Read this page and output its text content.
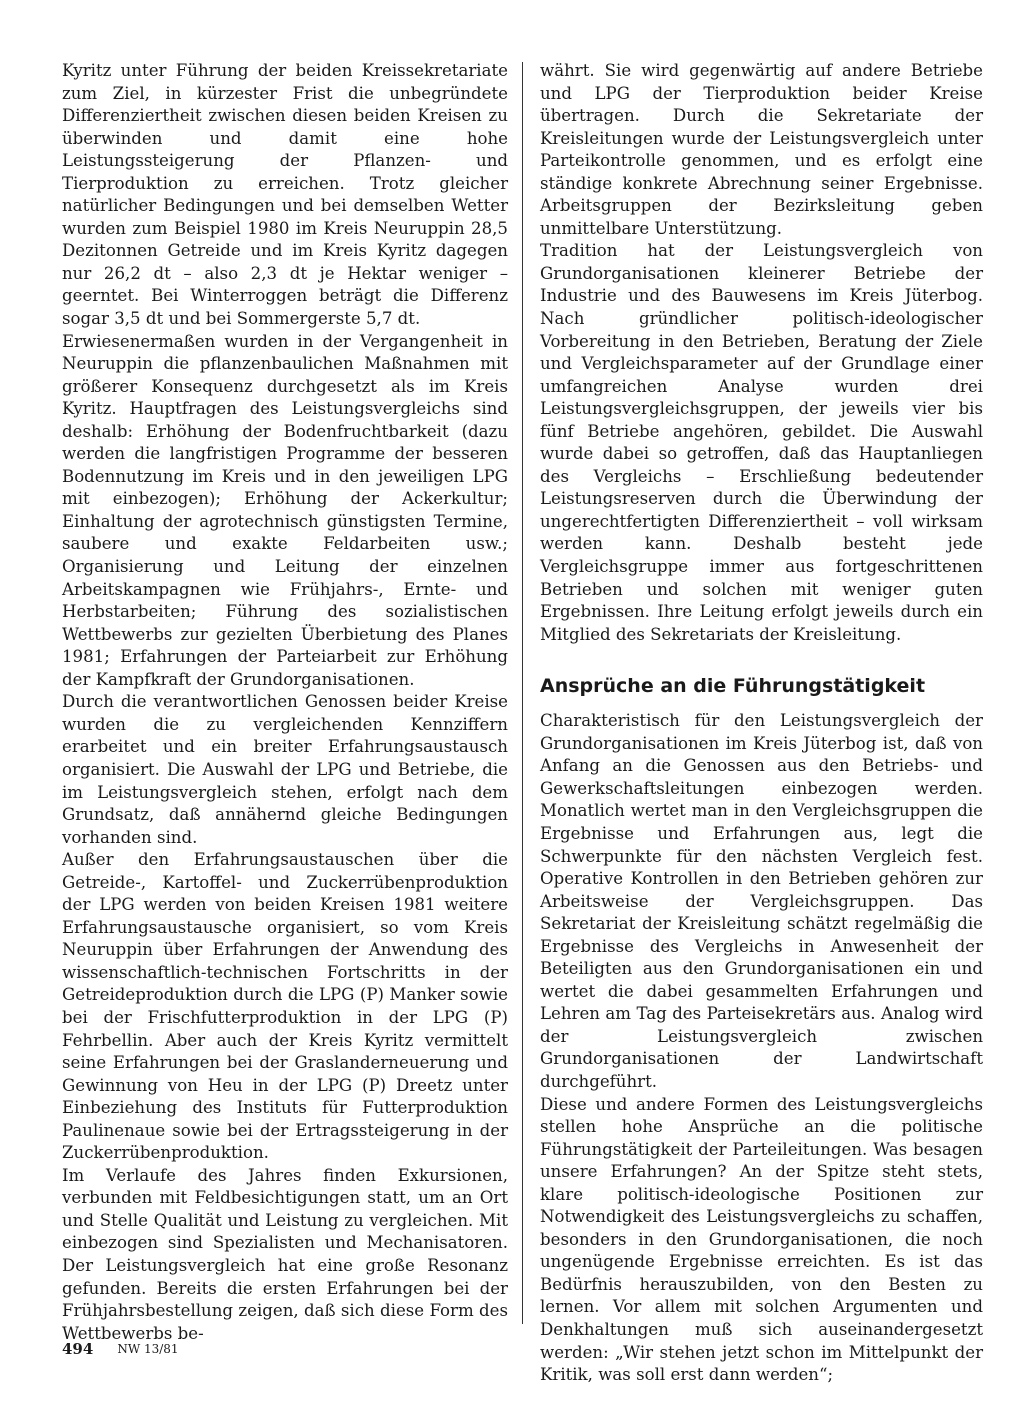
Kyritz unter Führung der beiden Kreissekretariate zum Ziel, in kürzester Frist die unbegründete Differenziertheit zwischen diesen beiden Kreisen zu überwinden und damit eine hohe Leistungssteigerung der Pflanzen- und Tierproduktion zu erreichen. Trotz gleicher natürlicher Bedingungen und bei demselben Wetter wurden zum Beispiel 1980 im Kreis Neuruppin 28,5 Dezitonnen Getreide und im Kreis Kyritz dagegen nur 26,2 dt – also 2,3 dt je Hektar weniger – geerntet. Bei Winterroggen beträgt die Differenz sogar 3,5 dt und bei Sommergerste 5,7 dt.

Erwiesenermaßen wurden in der Vergangenheit in Neuruppin die pflanzenbaulichen Maßnahmen mit größerer Konsequenz durchgesetzt als im Kreis Kyritz. Hauptfragen des Leistungsvergleichs sind deshalb: Erhöhung der Bodenfruchtbarkeit (dazu werden die langfristigen Programme der besseren Bodennutzung im Kreis und in den jeweiligen LPG mit einbezogen); Erhöhung der Ackerkultur; Einhaltung der agrotechnisch günstigsten Termine, saubere und exakte Feldarbeiten usw.; Organisierung und Leitung der einzelnen Arbeitskampagnen wie Frühjahrs-, Ernte- und Herbstarbeiten; Führung des sozialistischen Wettbewerbs zur gezielten Überbietung des Planes 1981; Erfahrungen der Parteiarbeit zur Erhöhung der Kampfkraft der Grundorganisationen.

Durch die verantwortlichen Genossen beider Kreise wurden die zu vergleichenden Kennziffern erarbeitet und ein breiter Erfahrungsaustausch organisiert. Die Auswahl der LPG und Betriebe, die im Leistungsvergleich stehen, erfolgt nach dem Grundsatz, daß annähernd gleiche Bedingungen vorhanden sind.

Außer den Erfahrungsaustauschen über die Getreide-, Kartoffel- und Zuckerrübenproduktion der LPG werden von beiden Kreisen 1981 weitere Erfahrungsaustausche organisiert, so vom Kreis Neuruppin über Erfahrungen der Anwendung des wissenschaftlich-technischen Fortschritts in der Getreideproduktion durch die LPG (P) Manker sowie bei der Frischfutterproduktion in der LPG (P) Fehrbellin. Aber auch der Kreis Kyritz vermittelt seine Erfahrungen bei der Graslanderneuerung und Gewinnung von Heu in der LPG (P) Dreetz unter Einbeziehung des Instituts für Futterproduktion Paulinenaue sowie bei der Ertragssteigerung in der Zuckerrübenproduktion.

Im Verlaufe des Jahres finden Exkursionen, verbunden mit Feldbesichtigungen statt, um an Ort und Stelle Qualität und Leistung zu vergleichen. Mit einbezogen sind Spezialisten und Mechanisatoren. Der Leistungsvergleich hat eine große Resonanz gefunden. Bereits die ersten Erfahrungen bei der Frühjahrsbestellung zeigen, daß sich diese Form des Wettbewerbs be-

währt. Sie wird gegenwärtig auf andere Betriebe und LPG der Tierproduktion beider Kreise übertragen. Durch die Sekretariate der Kreisleitungen wurde der Leistungsvergleich unter Parteikontrolle genommen, und es erfolgt eine ständige konkrete Abrechnung seiner Ergebnisse. Arbeitsgruppen der Bezirksleitung geben unmittelbare Unterstützung.

Tradition hat der Leistungsvergleich von Grundorganisationen kleinerer Betriebe der Industrie und des Bauwesens im Kreis Jüterbog. Nach gründlicher politisch-ideologischer Vorbereitung in den Betrieben, Beratung der Ziele und Vergleichsparameter auf der Grundlage einer umfangreichen Analyse wurden drei Leistungsvergleichsgruppen, der jeweils vier bis fünf Betriebe angehören, gebildet. Die Auswahl wurde dabei so getroffen, daß das Hauptanliegen des Vergleichs – Erschließung bedeutender Leistungsreserven durch die Überwindung der ungerechtfertigten Differenziertheit – voll wirksam werden kann. Deshalb besteht jede Vergleichsgruppe immer aus fortgeschrittenen Betrieben und solchen mit weniger guten Ergebnissen. Ihre Leitung erfolgt jeweils durch ein Mitglied des Sekretariats der Kreisleitung.

Ansprüche an die Führungstätigkeit

Charakteristisch für den Leistungsvergleich der Grundorganisationen im Kreis Jüterbog ist, daß von Anfang an die Genossen aus den Betriebs- und Gewerkschaftsleitungen einbezogen werden. Monatlich wertet man in den Vergleichsgruppen die Ergebnisse und Erfahrungen aus, legt die Schwerpunkte für den nächsten Vergleich fest. Operative Kontrollen in den Betrieben gehören zur Arbeitsweise der Vergleichsgruppen. Das Sekretariat der Kreisleitung schätzt regelmäßig die Ergebnisse des Vergleichs in Anwesenheit der Beteiligten aus den Grundorganisationen ein und wertet die dabei gesammelten Erfahrungen und Lehren am Tag des Parteisekretärs aus. Analog wird der Leistungsvergleich zwischen Grundorganisationen der Landwirtschaft durchgeführt.

Diese und andere Formen des Leistungsvergleichs stellen hohe Ansprüche an die politische Führungstätigkeit der Parteileitungen. Was besagen unsere Erfahrungen? An der Spitze steht stets, klare politisch-ideologische Positionen zur Notwendigkeit des Leistungsvergleichs zu schaffen, besonders in den Grundorganisationen, die noch ungenügende Ergebnisse erreichten. Es ist das Bedürfnis herauszubilden, von den Besten zu lernen. Vor allem mit solchen Argumenten und Denkhaltungen muß sich auseinandergesetzt werden: „Wir stehen jetzt schon im Mittelpunkt der Kritik, was soll erst dann werden“;

494 NW 13/81
